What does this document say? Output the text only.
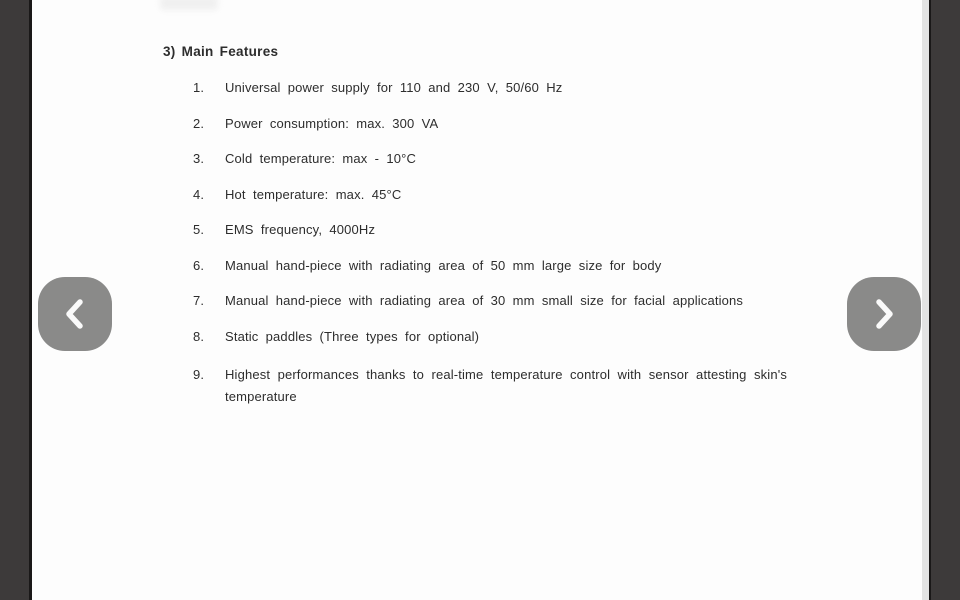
3) Main Features
1.	Universal power supply for 110 and 230 V, 50/60 Hz
2.	Power consumption: max. 300 VA
3.	Cold temperature: max - 10°C
4.	Hot temperature: max. 45°C
5.	EMS frequency, 4000Hz
6.	Manual hand-piece with radiating area of 50 mm large size for body
7.	Manual hand-piece with radiating area of 30 mm small size for facial applications
8.	Static paddles (Three types for optional)
9.	Highest performances thanks to real-time temperature control with sensor attesting skin's temperature
